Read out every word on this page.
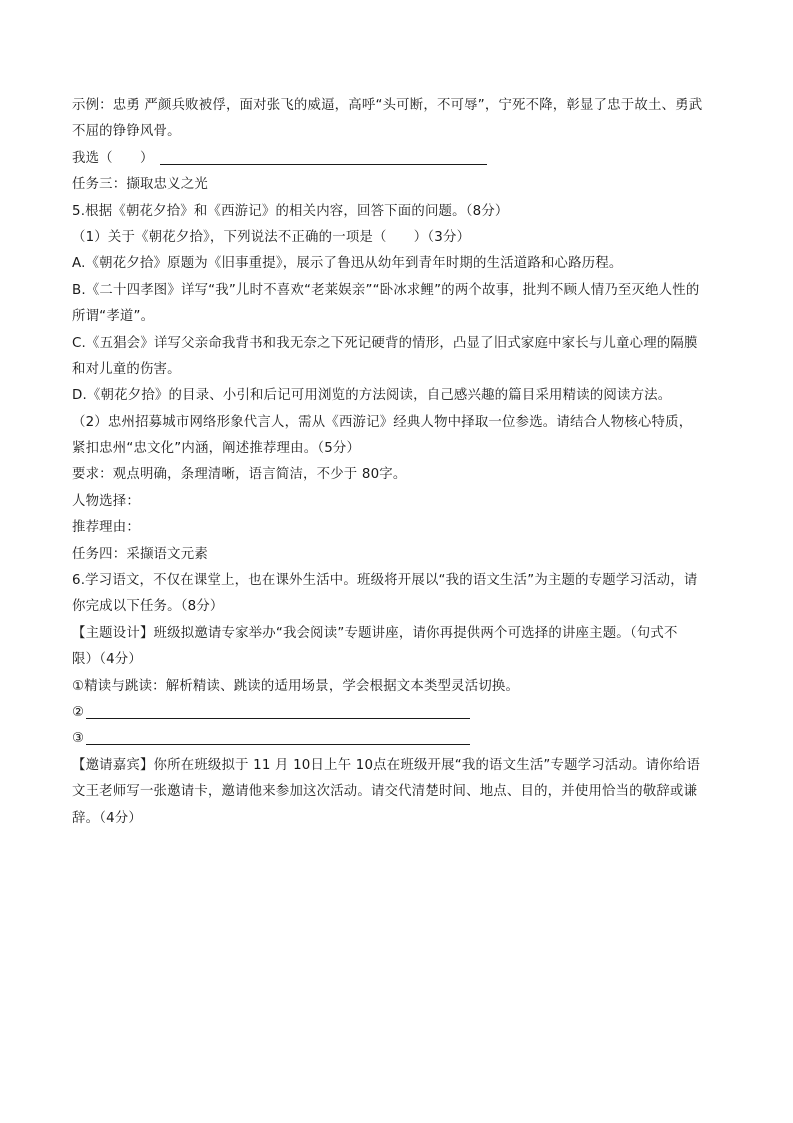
示例：忠勇 严颜兵败被俘，面对张飞的威逼，高呼“头可断，不可辱”，宁死不降，彰显了忠于故土、勇武
不屈的铮铮风骨。
我选（　　）
任务三：撷取忠义之光
5.根据《朝花夕拾》和《西游记》的相关内容，回答下面的问题。（8分）
（1）关于《朝花夕拾》，下列说法不正确的一项是（　　）（3分）
A.《朝花夕拾》原题为《旧事重提》，展示了鲁迅从幼年到青年时期的生活道路和心路历程。
B.《二十四孝图》详写“我”儿时不喜欢“老莱娱亲”“卧冰求鲤”的两个故事，批判不顾人情乃至灭绝人性的
所谓“孝道”。
C.《五猖会》详写父亲命我背书和我无奈之下死记硬背的情形，凸显了旧式家庭中家长与儿童心理的隔膜
和对儿童的伤害。
D.《朝花夕拾》的目录、小引和后记可用浏览的方法阅读，自己感兴趣的篇目采用精读的阅读方法。
（2）忠州招募城市网络形象代言人，需从《西游记》经典人物中择取一位参选。请结合人物核心特质，
紧扣忠州“忠文化”内涵，阐述推荐理由。（5分）
要求：观点明确，条理清晰，语言简洁，不少于 80字。
人物选择：
推荐理由：
任务四：采撷语文元素
6.学习语文，不仅在课堂上，也在课外生活中。班级将开展以“我的语文生活”为主题的专题学习活动，请
你完成以下任务。（8分）
【主题设计】班级拟邀请专家举办“我会阅读”专题讲座，请你再提供两个可选择的讲座主题。（句式不
限）（4分）
①精读与跳读：解析精读、跳读的适用场景，学会根据文本类型灵活切换。
②
③
【邀请嘉宾】你所在班级拟于 11 月 10日上午 10点在班级开展“我的语文生活”专题学习活动。请你给语
文王老师写一张邀请卡，邀请他来参加这次活动。请交代清楚时间、地点、目的，并使用恰当的敬辞或谦
辞。（4分）
